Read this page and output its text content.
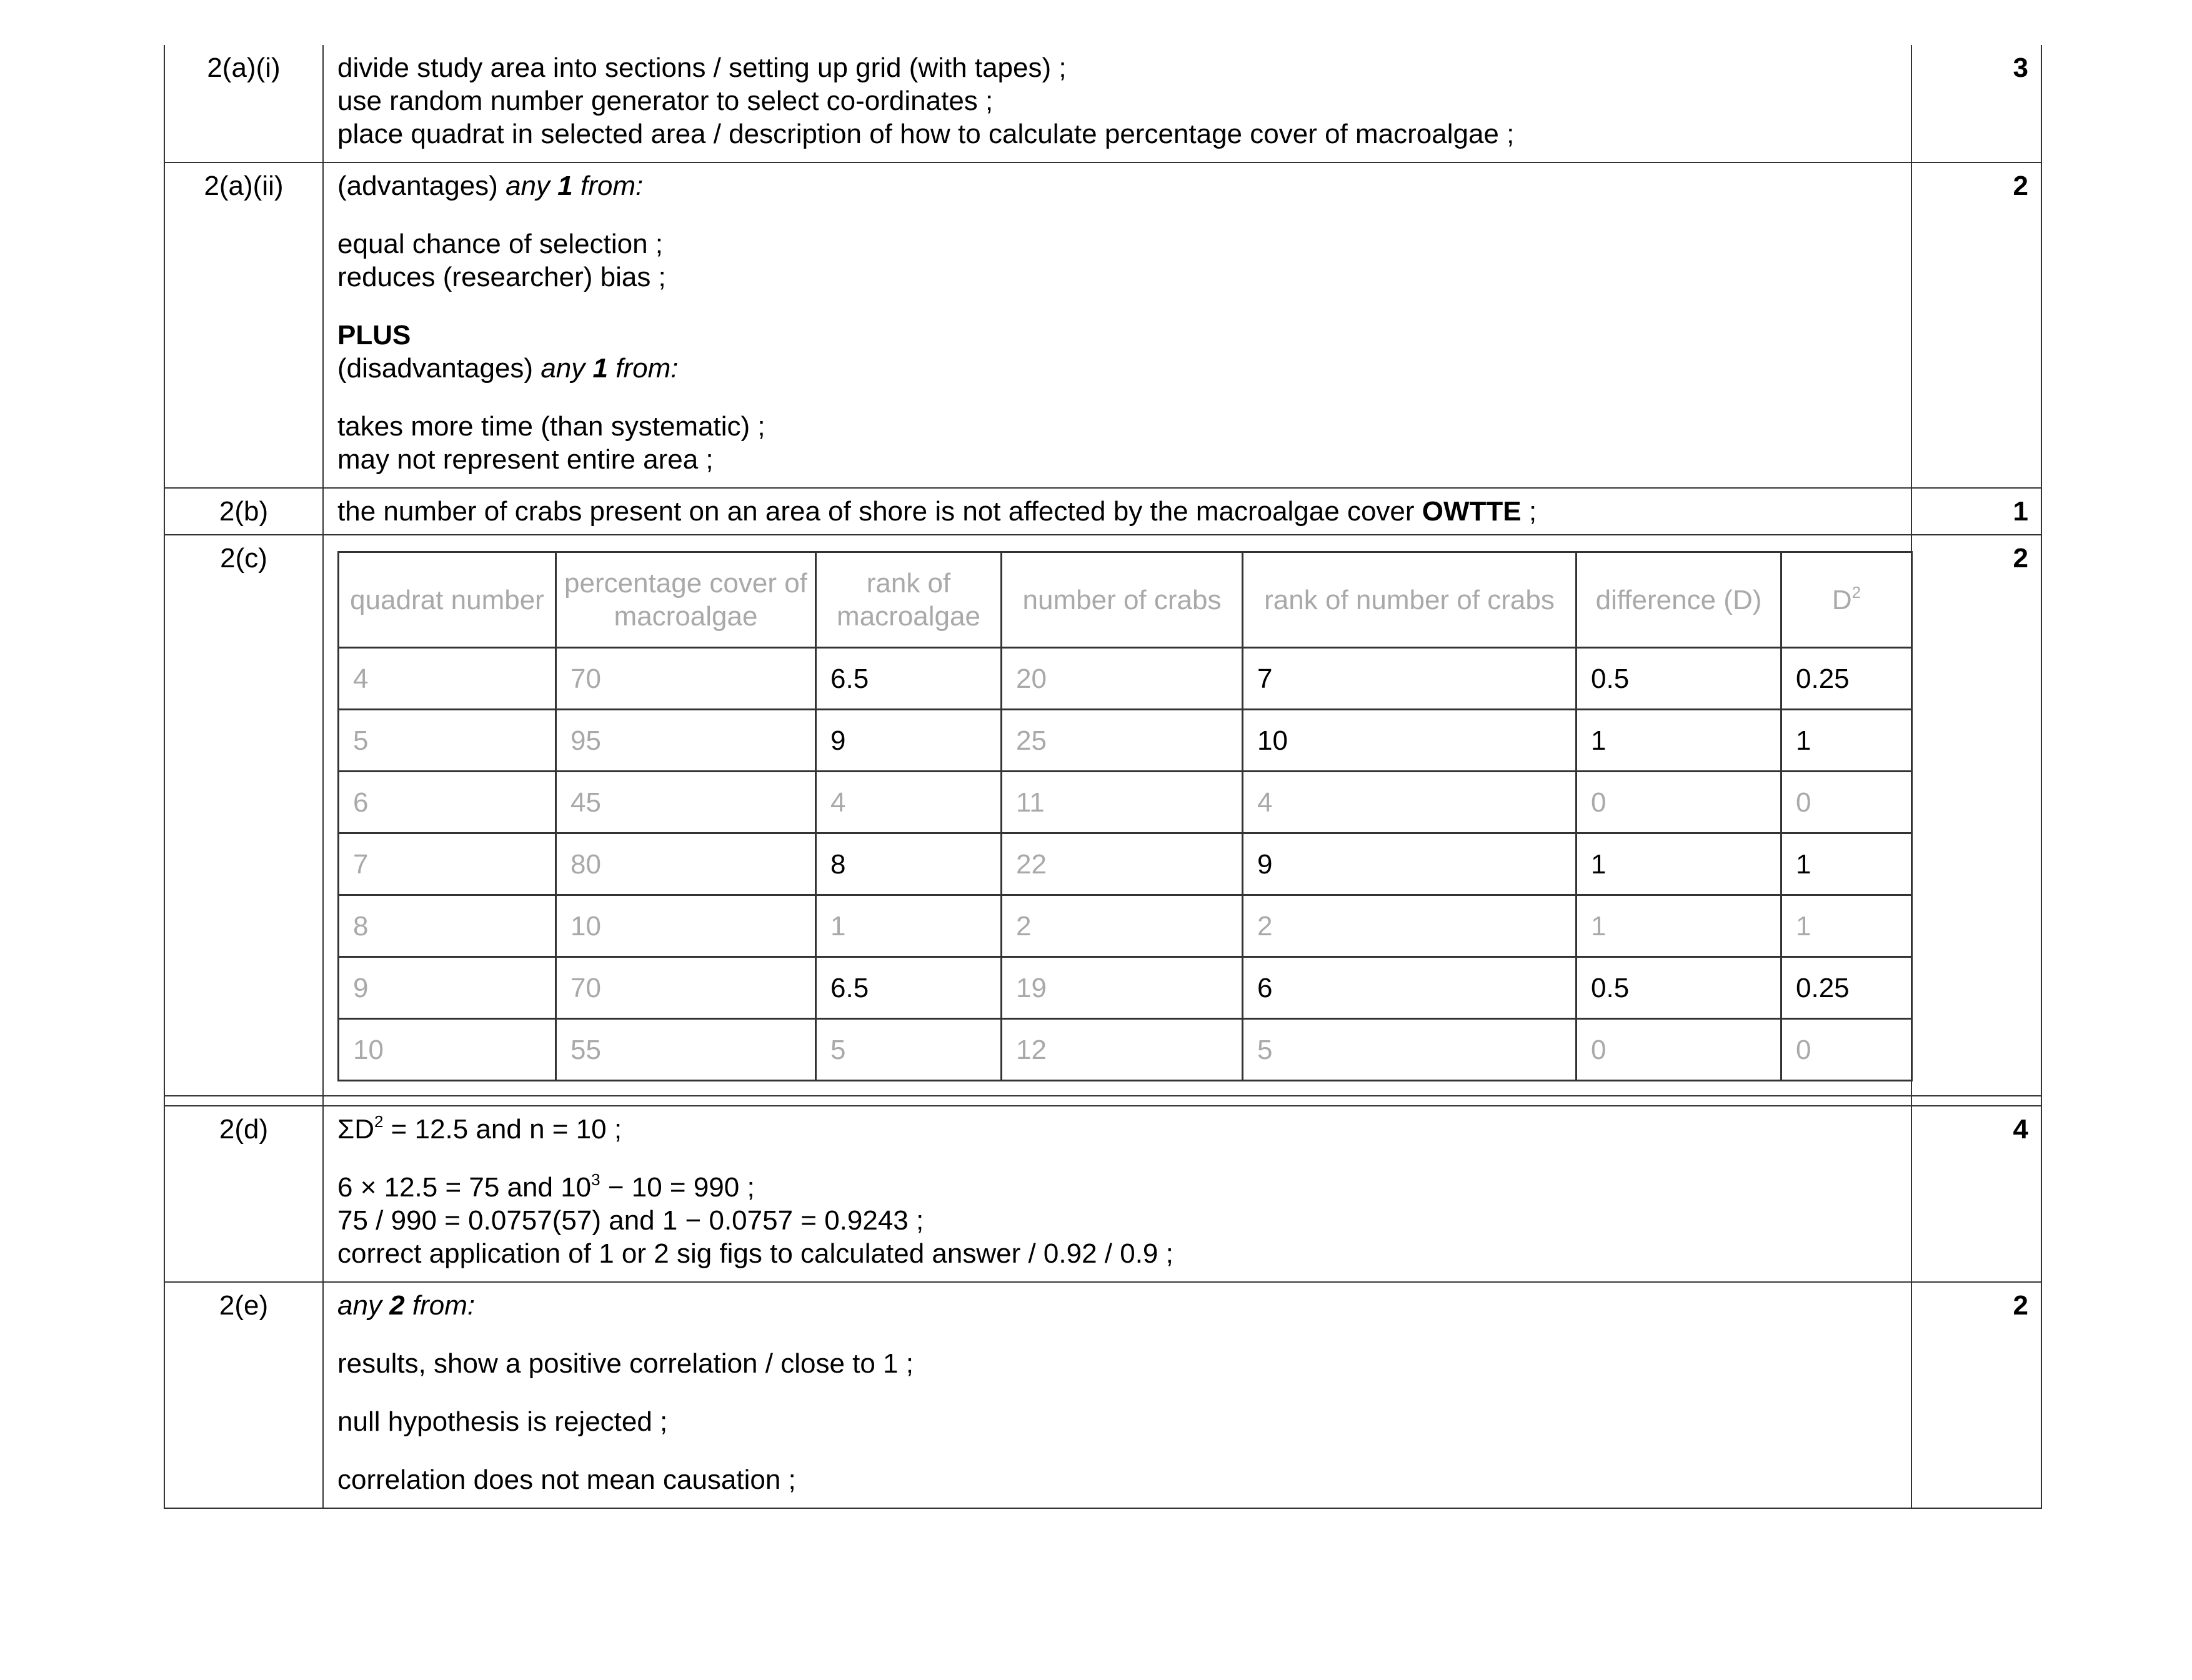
2(a)(i)	divide study area into sections / setting up grid (with tapes) ;
use random number generator to select co-ordinates ;
place quadrat in selected area / description of how to calculate percentage cover of macroalgae ;
	3
2(a)(ii)	(advantages) any 1 from:
equal chance of selection ;
reduces (researcher) bias ;
PLUS
(disadvantages) any 1 from:
takes more time (than systematic) ;
may not represent entire area ;
	2
2(b)	the number of crabs present on an area of shore is not affected by the macroalgae cover OWTTE ;	1
2(c)	
quadrat number	percentage cover of macroalgae	rank of macroalgae	number of crabs	rank of number of crabs	difference (D)	$D^2$
4	70	6.5	20	7	0.5	0.25
5	95	9	25	10	1	1
6	45	4	11	4	0	0
7	80	8	22	9	1	1
8	10	1	2	2	1	1
9	70	6.5	19	6	0.5	0.25
10	55	5	12	5	0	0
	2

2(d)	$\Sigma D^2 = 12.5$ and n = 10 ;
6 × 12.5 = 75 and $10^3 - 10 = 990$ ;
75 / 990 = 0.0757(57) and 1 − 0.0757 = 0.9243 ;
correct application of 1 or 2 sig figs to calculated answer / 0.92 / 0.9 ;
	4
2(e)	any 2 from:
results, show a positive correlation / close to 1 ;
null hypothesis is rejected ;
correlation does not mean causation ;
	2
